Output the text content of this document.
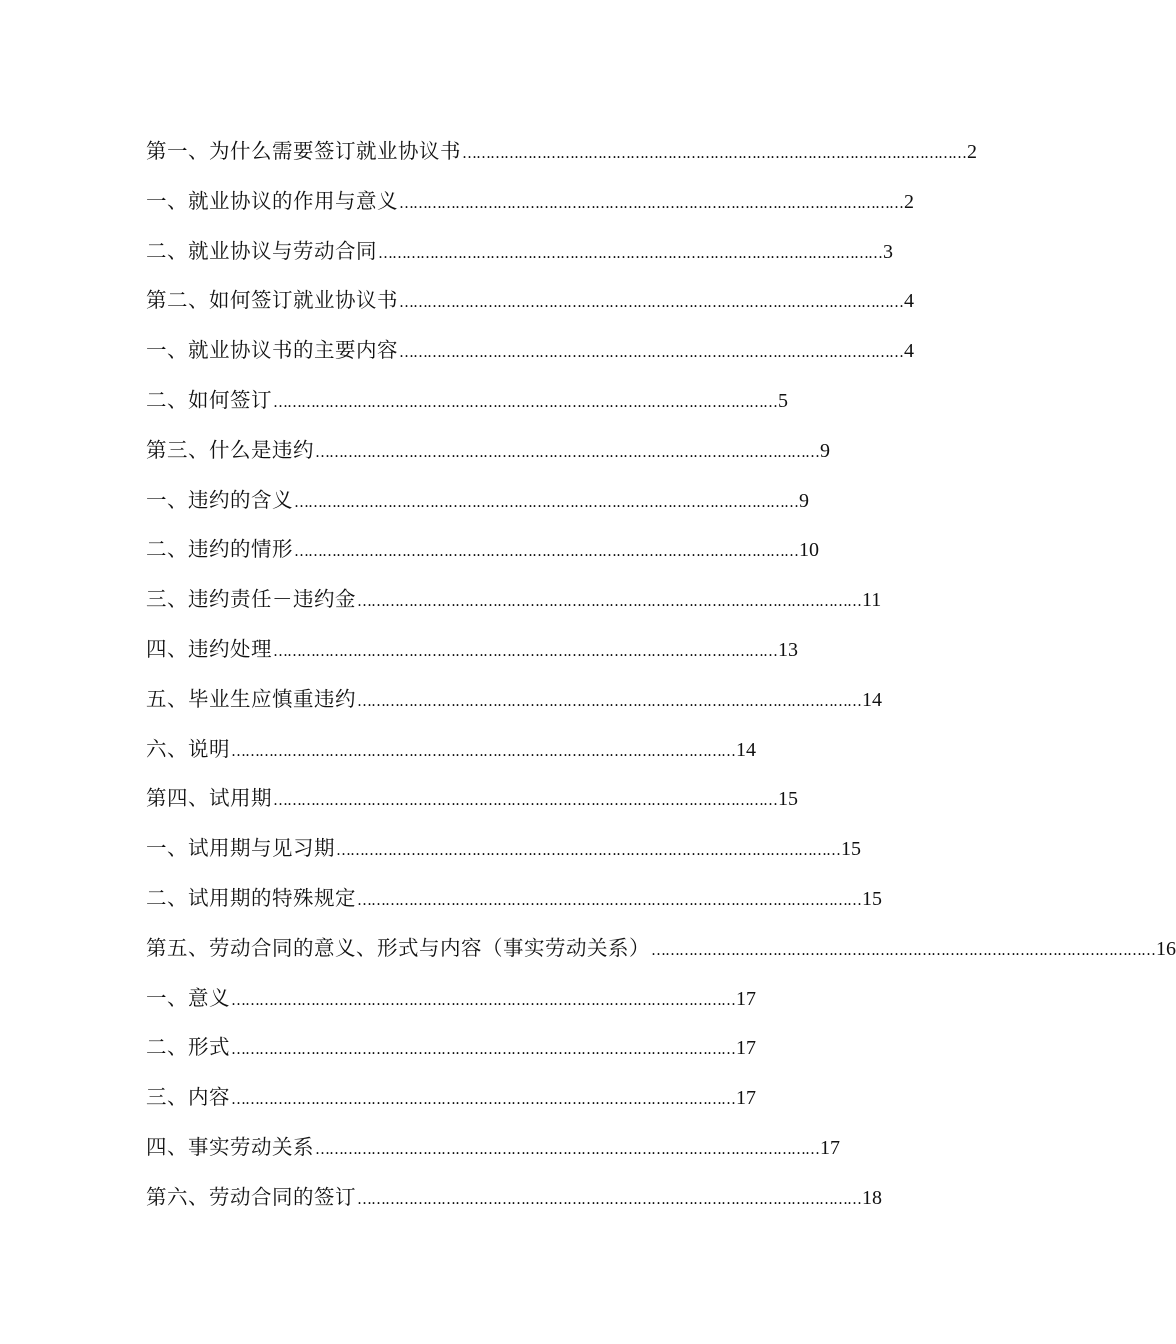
第一、为什么需要签订就业协议书 ……………………………………………………………………………………………… 2
一、就业协议的作用与意义 ……………………………………………………………………………………………… 2
二、就业协议与劳动合同 ……………………………………………………………………………………………… 3
第二、如何签订就业协议书 ……………………………………………………………………………………………… 4
一、就业协议书的主要内容 ……………………………………………………………………………………………… 4
二、如何签订 ……………………………………………………………………………………………… 5
第三、什么是违约 ……………………………………………………………………………………………… 9
一、违约的含义 ……………………………………………………………………………………………… 9
二、违约的情形 ……………………………………………………………………………………………… 10
三、违约责任－违约金 ……………………………………………………………………………………………… 11
四、违约处理 ……………………………………………………………………………………………… 13
五、毕业生应慎重违约 ……………………………………………………………………………………………… 14
六、说明 ……………………………………………………………………………………………… 14
第四、试用期 ……………………………………………………………………………………………… 15
一、试用期与见习期 ……………………………………………………………………………………………… 15
二、试用期的特殊规定 ……………………………………………………………………………………………… 15
第五、劳动合同的意义、形式与内容（事实劳动关系） ……………………………………………………………………………………………… 16
一、意义 ……………………………………………………………………………………………… 17
二、形式 ……………………………………………………………………………………………… 17
三、内容 ……………………………………………………………………………………………… 17
四、事实劳动关系 ……………………………………………………………………………………………… 17
第六、劳动合同的签订 ……………………………………………………………………………………………… 18
